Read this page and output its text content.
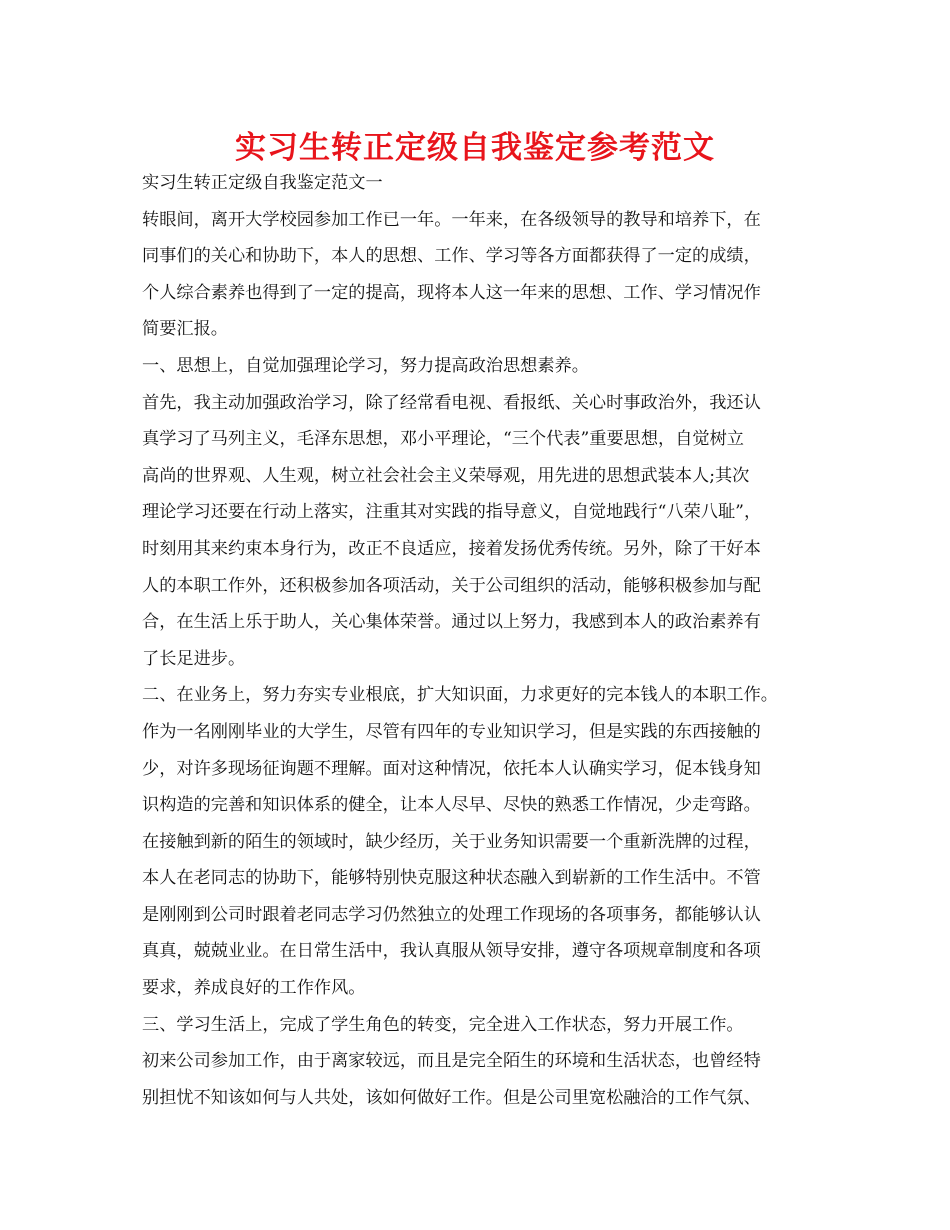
实习生转正定级自我鉴定参考范文
实习生转正定级自我鉴定范文一
转眼间，离开大学校园参加工作已一年。一年来，在各级领导的教导和培养下，在
同事们的关心和协助下，本人的思想、工作、学习等各方面都获得了一定的成绩，
个人综合素养也得到了一定的提高，现将本人这一年来的思想、工作、学习情况作
简要汇报。
一、思想上，自觉加强理论学习，努力提高政治思想素养。
首先，我主动加强政治学习，除了经常看电视、看报纸、关心时事政治外，我还认
真学习了马列主义，毛泽东思想，邓小平理论，“三个代表”重要思想，自觉树立
高尚的世界观、人生观，树立社会社会主义荣辱观，用先进的思想武装本人;其次
理论学习还要在行动上落实，注重其对实践的指导意义，自觉地践行“八荣八耻”，
时刻用其来约束本身行为，改正不良适应，接着发扬优秀传统。另外，除了干好本
人的本职工作外，还积极参加各项活动，关于公司组织的活动，能够积极参加与配
合，在生活上乐于助人，关心集体荣誉。通过以上努力，我感到本人的政治素养有
了长足进步。
二、在业务上，努力夯实专业根底，扩大知识面，力求更好的完本钱人的本职工作。
作为一名刚刚毕业的大学生，尽管有四年的专业知识学习，但是实践的东西接触的
少，对许多现场征询题不理解。面对这种情况，依托本人认确实学习，促本钱身知
识构造的完善和知识体系的健全，让本人尽早、尽快的熟悉工作情况，少走弯路。
在接触到新的陌生的领域时，缺少经历，关于业务知识需要一个重新洗牌的过程，
本人在老同志的协助下，能够特别快克服这种状态融入到崭新的工作生活中。不管
是刚刚到公司时跟着老同志学习仍然独立的处理工作现场的各项事务，都能够认认
真真，兢兢业业。在日常生活中，我认真服从领导安排，遵守各项规章制度和各项
要求，养成良好的工作作风。
三、学习生活上，完成了学生角色的转变，完全进入工作状态，努力开展工作。
初来公司参加工作，由于离家较远，而且是完全陌生的环境和生活状态，也曾经特
别担忧不知该如何与人共处，该如何做好工作。但是公司里宽松融洽的工作气氛、
